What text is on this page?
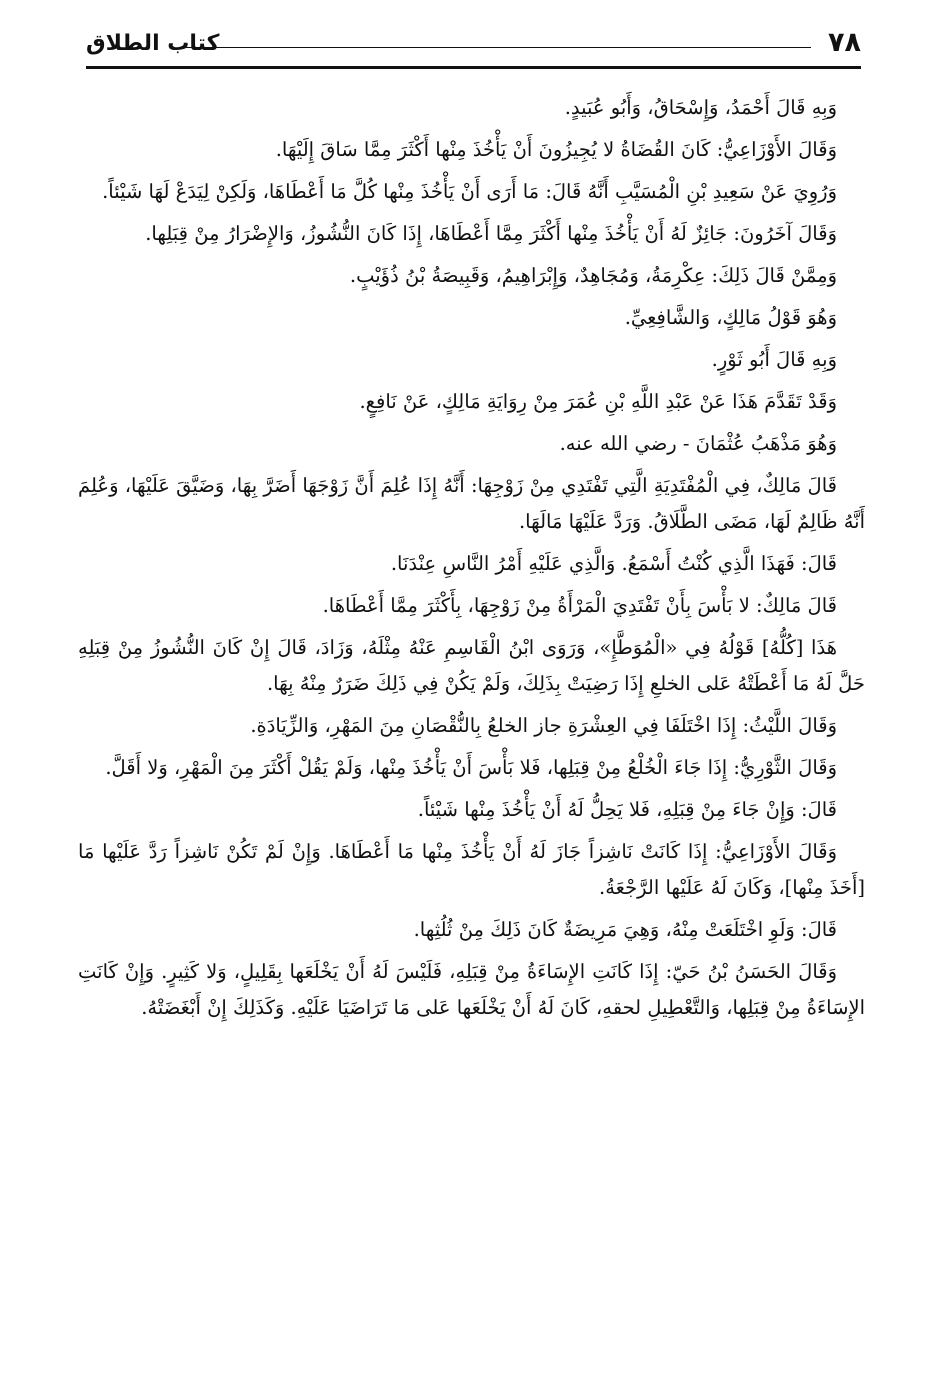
٧٨
كتاب الطلاق

وَبِهِ قَالَ أَحْمَدُ، وَإِسْحَاقُ، وَأَبُو عُبَيدٍ.

وَقَالَ الأَوْزَاعِيُّ: كَانَ القُضَاةُ لا يُجِيزُونَ أَنْ يَأْخُذَ مِنْها أَكْثَرَ مِمَّا سَاقَ إِلَيْهَا.

وَرُوِيَ عَنْ سَعِيدِ بْنِ الْمُسَيَّبِ أَنَّهُ قَالَ: مَا أَرَى أَنْ يَأْخُذَ مِنْها كُلَّ مَا أَعْطَاهَا، وَلَكِنْ لِيَدَعْ لَهَا شَيْئاً.

وَقَالَ آخَرُونَ: جَائِزٌ لَهُ أَنْ يَأْخُذَ مِنْها أَكْثَرَ مِمَّا أَعْطَاهَا، إِذَا كَانَ النُّشُوزُ، وَالإِضْرَارُ مِنْ قِبَلِها.

وَمِمَّنْ قَالَ ذَلِكَ: عِكْرِمَةُ، وَمُجَاهِدٌ، وَإِبْرَاهِيمُ، وَقَبِيصَةُ بْنُ ذُؤَيْبٍ.

وَهُوَ قَوْلُ مَالِكٍ، وَالشَّافِعِيِّ.

وَبِهِ قَالَ أَبُو ثَوْرٍ.

وَقَدْ تَقَدَّمَ هَذَا عَنْ عَبْدِ اللَّهِ بْنِ عُمَرَ مِنْ رِوَايَةِ مَالِكٍ، عَنْ نَافِعٍ.

وَهُوَ مَذْهَبُ عُثْمَانَ - رضي الله عنه.

قَالَ مَالِكٌ، فِي الْمُفْتَدِيَةِ الَّتِي تَفْتَدِي مِنْ زَوْجِهَا: أَنَّهُ إِذَا عُلِمَ أَنَّ زَوْجَهَا أَضَرَّ بِهَا، وَضَيَّقَ عَلَيْهَا، وَعُلِمَ أَنَّهُ ظَالِمٌ لَهَا، مَضَى الطَّلَاقُ. وَرَدَّ عَلَيْهَا مَالَهَا.

قَالَ: فَهَذَا الَّذِي كُنْتُ أَسْمَعُ. وَالَّذِي عَلَيْهِ أَمْرُ النَّاسِ عِنْدَنَا.

قَالَ مَالِكٌ: لا بَأْسَ بِأَنْ تَفْتَدِيَ الْمَرْأَةُ مِنْ زَوْجِهَا، بِأَكْثَرَ مِمَّا أَعْطَاهَا.

هَذَا [كُلُّهُ] قَوْلُهُ فِي «الْمُوَطَّإِ»، وَرَوَى ابْنُ الْقَاسِمِ عَنْهُ مِثْلَهُ، وَزَادَ، قَالَ إِنْ كَانَ النُّشُوزُ مِنْ قِبَلِهِ حَلَّ لَهُ مَا أَعْطَتْهُ عَلى الخلعِ إِذَا رَضِيَتْ بِذَلِكَ، وَلَمْ يَكُنْ فِي ذَلِكَ ضَرَرٌ مِنْهُ بِهَا.

وَقَالَ اللَّيْثُ: إِذَا اخْتَلَفَا فِي العِشْرَةِ جاز الخلعُ بِالنُّقْصَانِ مِنَ المَهْرِ، وَالزِّيَادَةِ.

وَقَالَ الثَّوْرِيُّ: إِذَا جَاءَ الْخُلْعُ مِنْ قِبَلِها، فَلا بَأْسَ أَنْ يَأْخُذَ مِنْها، وَلَمْ يَقُلْ أَكْثَرَ مِنَ الْمَهْرِ، وَلا أَقَلَّ.

قَالَ: وَإِنْ جَاءَ مِنْ قِبَلِهِ، فَلا يَحِلُّ لَهُ أَنْ يَأْخُذَ مِنْها شَيْئاً.

وَقَالَ الأَوْزَاعِيُّ: إِذَا كَانَتْ نَاشِزاً جَازَ لَهُ أَنْ يَأْخُذَ مِنْها مَا أَعْطَاهَا. وَإِنْ لَمْ تَكُنْ نَاشِزاً رَدَّ عَلَيْها مَا [أَخَذَ مِنْها]، وَكَانَ لَهُ عَلَيْها الرَّجْعَةُ.

قَالَ: وَلَوِ اخْتَلَعَتْ مِنْهُ، وَهِيَ مَرِيضَةٌ كَانَ ذَلِكَ مِنْ ثُلُثِها.

وَقَالَ الحَسَنُ بْنُ حَيّ: إِذَا كَانَتِ الإِسَاءَةُ مِنْ قِبَلِهِ، فَلَيْسَ لَهُ أَنْ يَخْلَعَها بِقَلِيلٍ، وَلا كَثِيرٍ. وَإِنْ كَانَتِ الإِسَاءَةُ مِنْ قِبَلِها، وَالتَّعْطِيلِ لحقهِ، كَانَ لَهُ أَنْ يَخْلَعَها عَلى مَا تَرَاضَيَا عَلَيْهِ. وَكَذَلِكَ إِنْ أَبْغَضَتْهُ.
